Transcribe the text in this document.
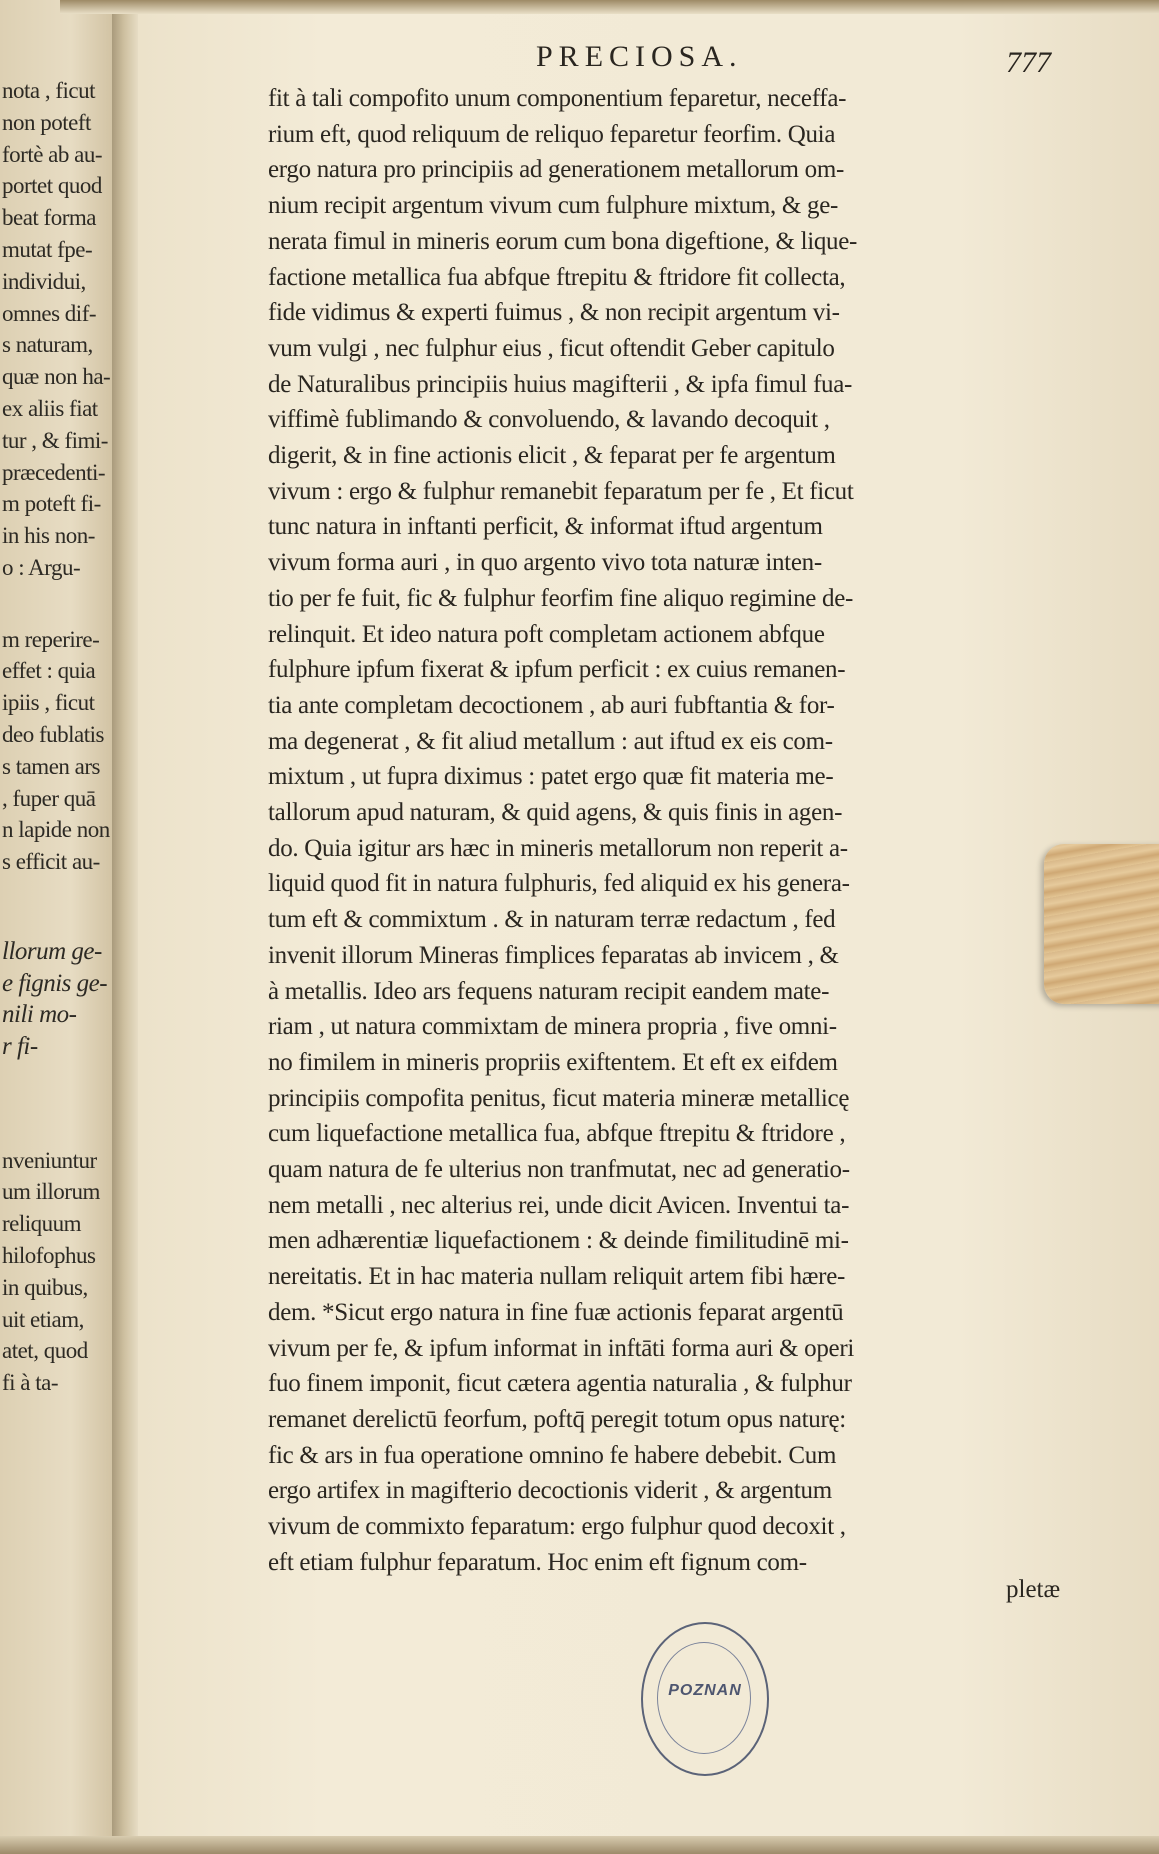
nota , ficut
non poteft
fortè ab au-
portet quod
beat forma
mutat fpe-
individui,
omnes dif-
s naturam,
quæ non ha-
ex aliis fiat
tur , & fimi-
præcedenti-
m poteft fi-
in his non-
o : Argu-
m reperire-
effet : quia
ipiis , ficut
deo fublatis
s tamen ars
, fuper quā
n lapide non
s efficit au-
llorum ge-
e fignis ge-
nili mo-
r fi-
nveniuntur
um illorum
reliquum
hilofophus
in quibus,
uit etiam,
atet, quod
fi à ta-
PRECIOSA.	777
fit à tali compofito unum componentium feparetur, neceffa-
rium eft, quod reliquum de reliquo feparetur feorfim. Quia
ergo natura pro principiis ad generationem metallorum om-
nium recipit argentum vivum cum fulphure mixtum, & ge-
nerata fimul in mineris eorum cum bona digeftione, & lique-
factione metallica fua abfque ftrepitu & ftridore fit collecta,
fide vidimus & experti fuimus , & non recipit argentum vi-
vum vulgi , nec fulphur eius , ficut oftendit Geber capitulo
de Naturalibus principiis huius magifterii , & ipfa fimul fua-
viffimè fublimando & convoluendo, & lavando decoquit ,
digerit, & in fine actionis elicit , & feparat per fe argentum
vivum : ergo & fulphur remanebit feparatum per fe , Et ficut
tunc natura in inftanti perficit, & informat iftud argentum
vivum forma auri , in quo argento vivo tota naturæ inten-
tio per fe fuit, fic & fulphur feorfim fine aliquo regimine de-
relinquit. Et ideo natura poft completam actionem abfque
fulphure ipfum fixerat & ipfum perficit : ex cuius remanen-
tia ante completam decoctionem , ab auri fubftantia & for-
ma degenerat , & fit aliud metallum : aut iftud ex eis com-
mixtum , ut fupra diximus : patet ergo quæ fit materia me-
tallorum apud naturam, & quid agens, & quis finis in agen-
do. Quia igitur ars hæc in mineris metallorum non reperit a-
liquid quod fit in natura fulphuris, fed aliquid ex his genera-
tum eft & commixtum . & in naturam terræ redactum , fed
invenit illorum Mineras fimplices feparatas ab invicem , &
à metallis. Ideo ars fequens naturam recipit eandem mate-
riam , ut natura commixtam de minera propria , five omni-
no fimilem in mineris propriis exiftentem. Et eft ex eifdem
principiis compofita penitus, ficut materia mineræ metallicę
cum liquefactione metallica fua, abfque ftrepitu & ftridore ,
quam natura de fe ulterius non tranfmutat, nec ad generatio-
nem metalli , nec alterius rei, unde dicit Avicen. Inventui ta-
men adhærentiæ liquefactionem : & deinde fimilitudinē mi-
nereitatis. Et in hac materia nullam reliquit artem fibi hære-
dem. *Sicut ergo natura in fine fuæ actionis feparat argentū
vivum per fe, & ipfum informat in inftāti forma auri & operi
fuo finem imponit, ficut cætera agentia naturalia , & fulphur
remanet derelictū feorfum, poftq̄ peregit totum opus naturę:
fic & ars in fua operatione omnino fe habere debebit. Cum
ergo artifex in magifterio decoctionis viderit , & argentum
vivum de commixto feparatum: ergo fulphur quod decoxit ,
eft etiam fulphur feparatum. Hoc enim eft fignum com-
pletæ
POZNAN
